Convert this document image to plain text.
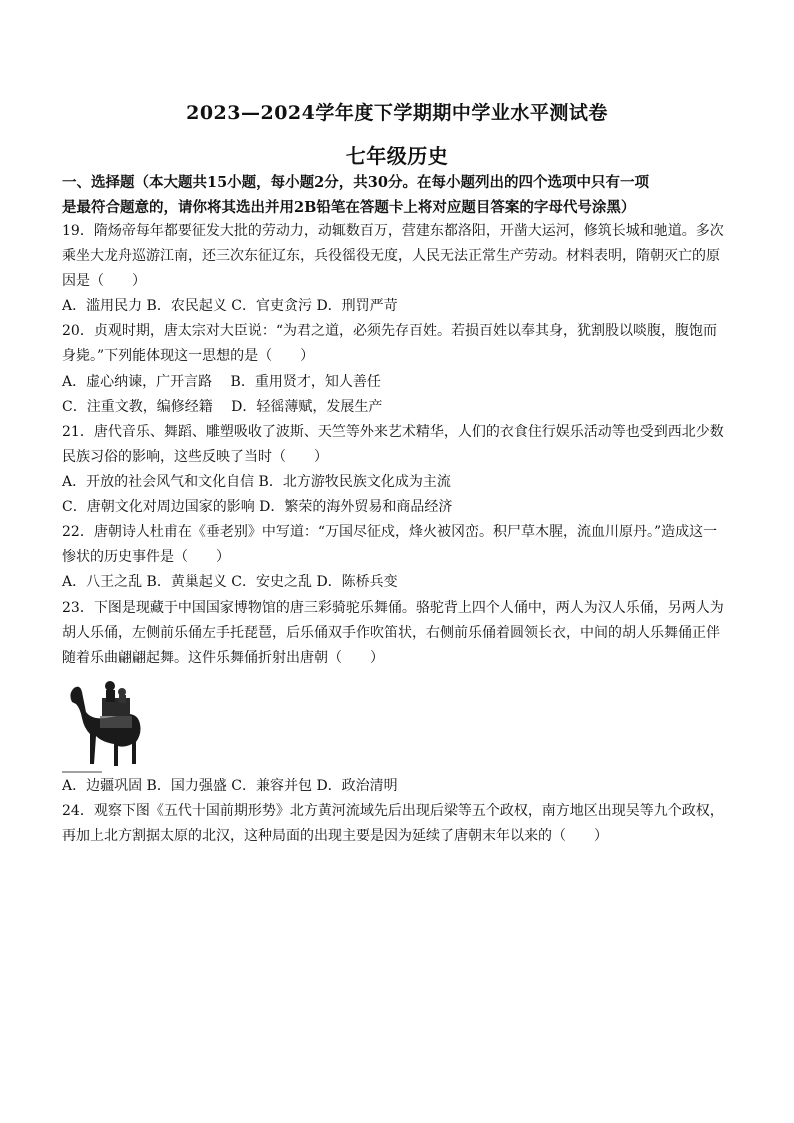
2023—2024学年度下学期期中学业水平测试卷
七年级历史
一、选择题（本大题共15小题，每小题2分，共30分。在每小题列出的四个选项中只有一项
是最符合题意的，请你将其选出并用2B铅笔在答题卡上将对应题目答案的字母代号涂黑）
19．隋炀帝每年都要征发大批的劳动力，动辄数百万，营建东都洛阳，开凿大运河，修筑长城和驰道。多次
乘坐大龙舟巡游江南，还三次东征辽东，兵役徭役无度，人民无法正常生产劳动。材料表明，隋朝灭亡的原
因是（　　）
A．滥用民力 B．农民起义 C．官吏贪污 D．刑罚严苛
20．贞观时期，唐太宗对大臣说：“为君之道，必须先存百姓。若损百姓以奉其身，犹割股以啖腹，腹饱而
身毙。”下列能体现这一思想的是（　　）
A．虚心纳谏，广开言路　 B．重用贤才，知人善任
C．注重文教，编修经籍　 D．轻徭薄赋，发展生产
21．唐代音乐、舞蹈、雕塑吸收了波斯、天竺等外来艺术精华，人们的衣食住行娱乐活动等也受到西北少数
民族习俗的影响，这些反映了当时（　　）
A．开放的社会风气和文化自信 B．北方游牧民族文化成为主流
C．唐朝文化对周边国家的影响 D．繁荣的海外贸易和商品经济
22．唐朝诗人杜甫在《垂老别》中写道：“万国尽征戍，烽火被冈峦。积尸草木腥，流血川原丹。”造成这一
惨状的历史事件是（　　）
A．八王之乱 B．黄巢起义 C．安史之乱 D．陈桥兵变
23．下图是现藏于中国国家博物馆的唐三彩骑驼乐舞俑。骆驼背上四个人俑中，两人为汉人乐俑，另两人为
胡人乐俑，左侧前乐俑左手托琵琶，后乐俑双手作吹笛状，右侧前乐俑着圆领长衣，中间的胡人乐舞俑正伴
随着乐曲翩翩起舞。这件乐舞俑折射出唐朝（　　）
A．边疆巩固 B．国力强盛 C．兼容并包 D．政治清明
24．观察下图《五代十国前期形势》北方黄河流域先后出现后梁等五个政权，南方地区出现吴等九个政权，
再加上北方割据太原的北汉，这种局面的出现主要是因为延续了唐朝末年以来的（　　）
